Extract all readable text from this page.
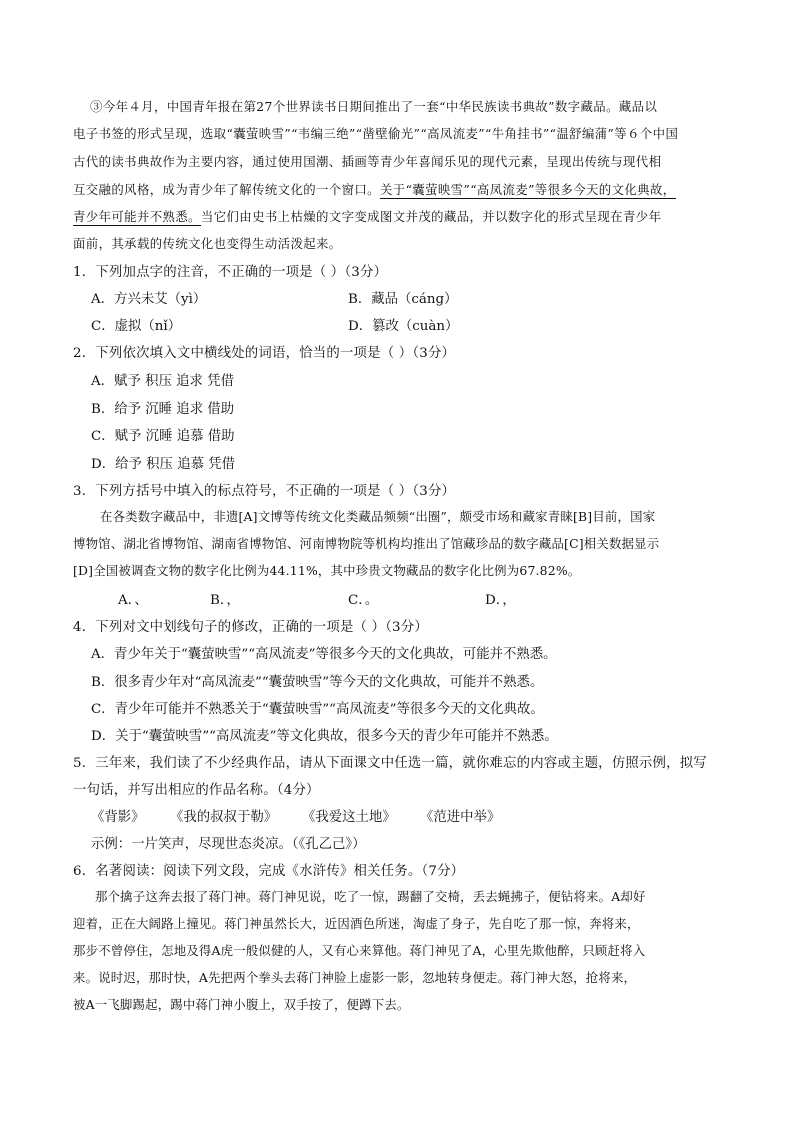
③今年４月，中国青年报在第27个世界读书日期间推出了一套“中华民族读书典故”数字藏品。藏品以
电子书签的形式呈现，选取“囊萤映雪”“韦编三绝”“凿壁偷光”“高凤流麦”“牛角挂书”“温舒编蒲”等６个中国
古代的读书典故作为主要内容，通过使用国潮、插画等青少年喜闻乐见的现代元素，呈现出传统与现代相
互交融的风格，成为青少年了解传统文化的一个窗口。关于“囊萤映雪”“高凤流麦”等很多今天的文化典故，
青少年可能并不熟悉。当它们由史书上枯燥的文字变成图文并茂的藏品，并以数字化的形式呈现在青少年
面前，其承载的传统文化也变得生动活泼起来。
1．下列加点字的注音，不正确的一项是（ ）（3分）
A．方兴未艾（yì）	B．藏品（cáng）
C．虚拟（nǐ）	D．篡改（cuàn）
2．下列依次填入文中横线处的词语，恰当的一项是（ ）（3分）
A．赋予 积压 追求 凭借
B．给予 沉睡 追求 借助
C．赋予 沉睡 追慕 借助
D．给予 积压 追慕 凭借
3．下列方括号中填入的标点符号，不正确的一项是（ ）（3分）
在各类数字藏品中，非遗[A]文博等传统文化类藏品频频“出圈”，颇受市场和藏家青睐[B]目前，国家
博物馆、湖北省博物馆、湖南省博物馆、河南博物院等机构均推出了馆藏珍品的数字藏品[C]相关数据显示
[D]全国被调查文物的数字化比例为44.11%，其中珍贵文物藏品的数字化比例为67.82%。
A．、	B．，	C．。	D．，
4．下列对文中划线句子的修改，正确的一项是（ ）（3分）
A．青少年关于“囊萤映雪”“高凤流麦”等很多今天的文化典故，可能并不熟悉。
B．很多青少年对“高凤流麦”“囊萤映雪”等今天的文化典故，可能并不熟悉。
C．青少年可能并不熟悉关于“囊萤映雪”“高凤流麦”等很多今天的文化典故。
D．关于“囊萤映雪”“高凤流麦”等文化典故，很多今天的青少年可能并不熟悉。
5．三年来，我们读了不少经典作品，请从下面课文中任选一篇，就你难忘的内容或主题，仿照示例，拟写
一句话，并写出相应的作品名称。（4分）
《背影》 《我的叔叔于勒》 《我爱这土地》 《范进中举》
示例：一片笑声，尽现世态炎凉。（《孔乙己》）
6．名著阅读：阅读下列文段，完成《水浒传》相关任务。（7分）
那个擒子这奔去报了蒋门神。蒋门神见说，吃了一惊，踢翻了交椅，丢去蝇拂子，便钻将来。A却好
迎着，正在大阔路上撞见。蒋门神虽然长大，近因酒色所迷，淘虚了身子，先自吃了那一惊，奔将来，
那步不曾停住，怎地及得A虎一般似健的人，又有心来算他。蒋门神见了A，心里先欺他醉，只顾赶将入
来。说时迟，那时快，A先把两个拳头去蒋门神脸上虚影一影，忽地转身便走。蒋门神大怒，抢将来，
被A一飞脚踢起，踢中蒋门神小腹上，双手按了，便蹲下去。
